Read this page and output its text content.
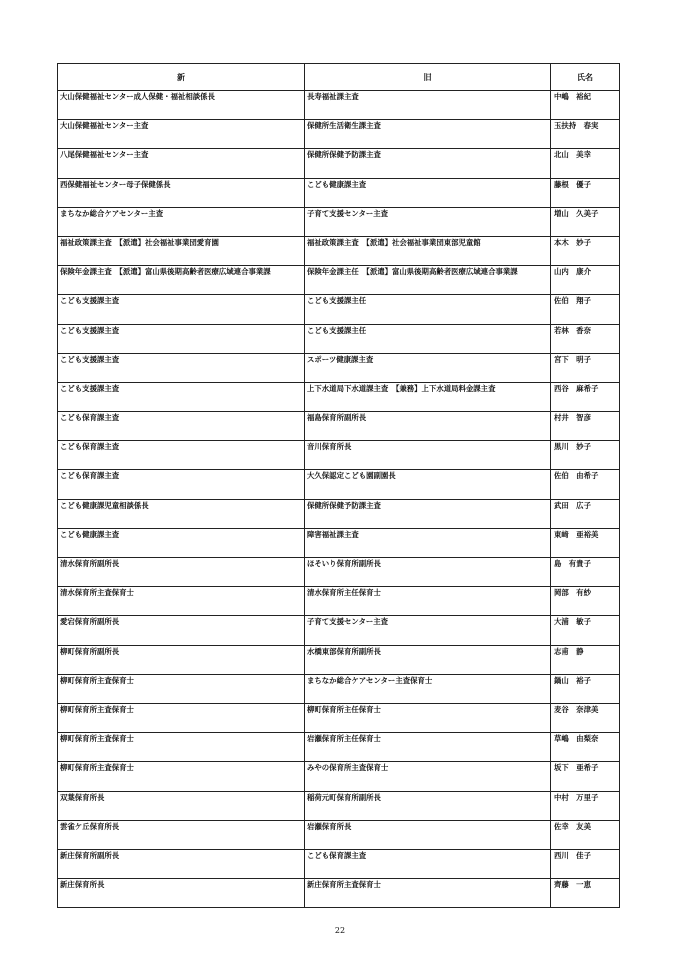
新	旧	氏名
大山保健福祉センター成人保健・福祉相談係長	長寿福祉課主査	中嶋　裕紀
大山保健福祉センター主査	保健所生活衛生課主査	玉扶持　春実
八尾保健福祉センター主査	保健所保健予防課主査	北山　美幸
西保健福祉センター母子保健係長	こども健康課主査	藤根　優子
まちなか総合ケアセンター主査	子育て支援センター主査	増山　久美子
福祉政策課主査　【派遣】社会福祉事業団愛育園	福祉政策課主査　【派遣】社会福祉事業団東部児童館	本木　妙子
保険年金課主査　【派遣】富山県後期高齢者医療広域連合事業課	保険年金課主任　【派遣】富山県後期高齢者医療広域連合事業課	山内　康介
こども支援課主査	こども支援課主任	佐伯　翔子
こども支援課主査	こども支援課主任	若林　香奈
こども支援課主査	スポーツ健康課主査	宮下　明子
こども支援課主査	上下水道局下水道課主査　【兼務】上下水道局料金課主査	西谷　麻希子
こども保育課主査	福島保育所副所長	村井　智彦
こども保育課主査	音川保育所長	黒川　妙子
こども保育課主査	大久保認定こども園副園長	佐伯　由希子
こども健康課児童相談係長	保健所保健予防課主査	武田　広子
こども健康課主査	障害福祉課主査	東﨑　亜裕美
清水保育所副所長	ほそいり保育所副所長	島　有貴子
清水保育所主査保育士	清水保育所主任保育士	岡部　有紗
愛宕保育所副所長	子育て支援センター主査	大浦　敏子
柳町保育所副所長	水橋東部保育所副所長	志甫　静
柳町保育所主査保育士	まちなか総合ケアセンター主査保育士	鍋山　裕子
柳町保育所主査保育士	柳町保育所主任保育士	麦谷　奈津美
柳町保育所主査保育士	岩瀬保育所主任保育士	草嶋　由梨奈
柳町保育所主査保育士	みやの保育所主査保育士	坂下　亜希子
双葉保育所長	稲荷元町保育所副所長	中村　万里子
雲雀ケ丘保育所長	岩瀬保育所長	佐幸　友美
新庄保育所副所長	こども保育課主査	西川　佳子
新庄保育所長	新庄保育所主査保育士	齊藤　一恵
22
